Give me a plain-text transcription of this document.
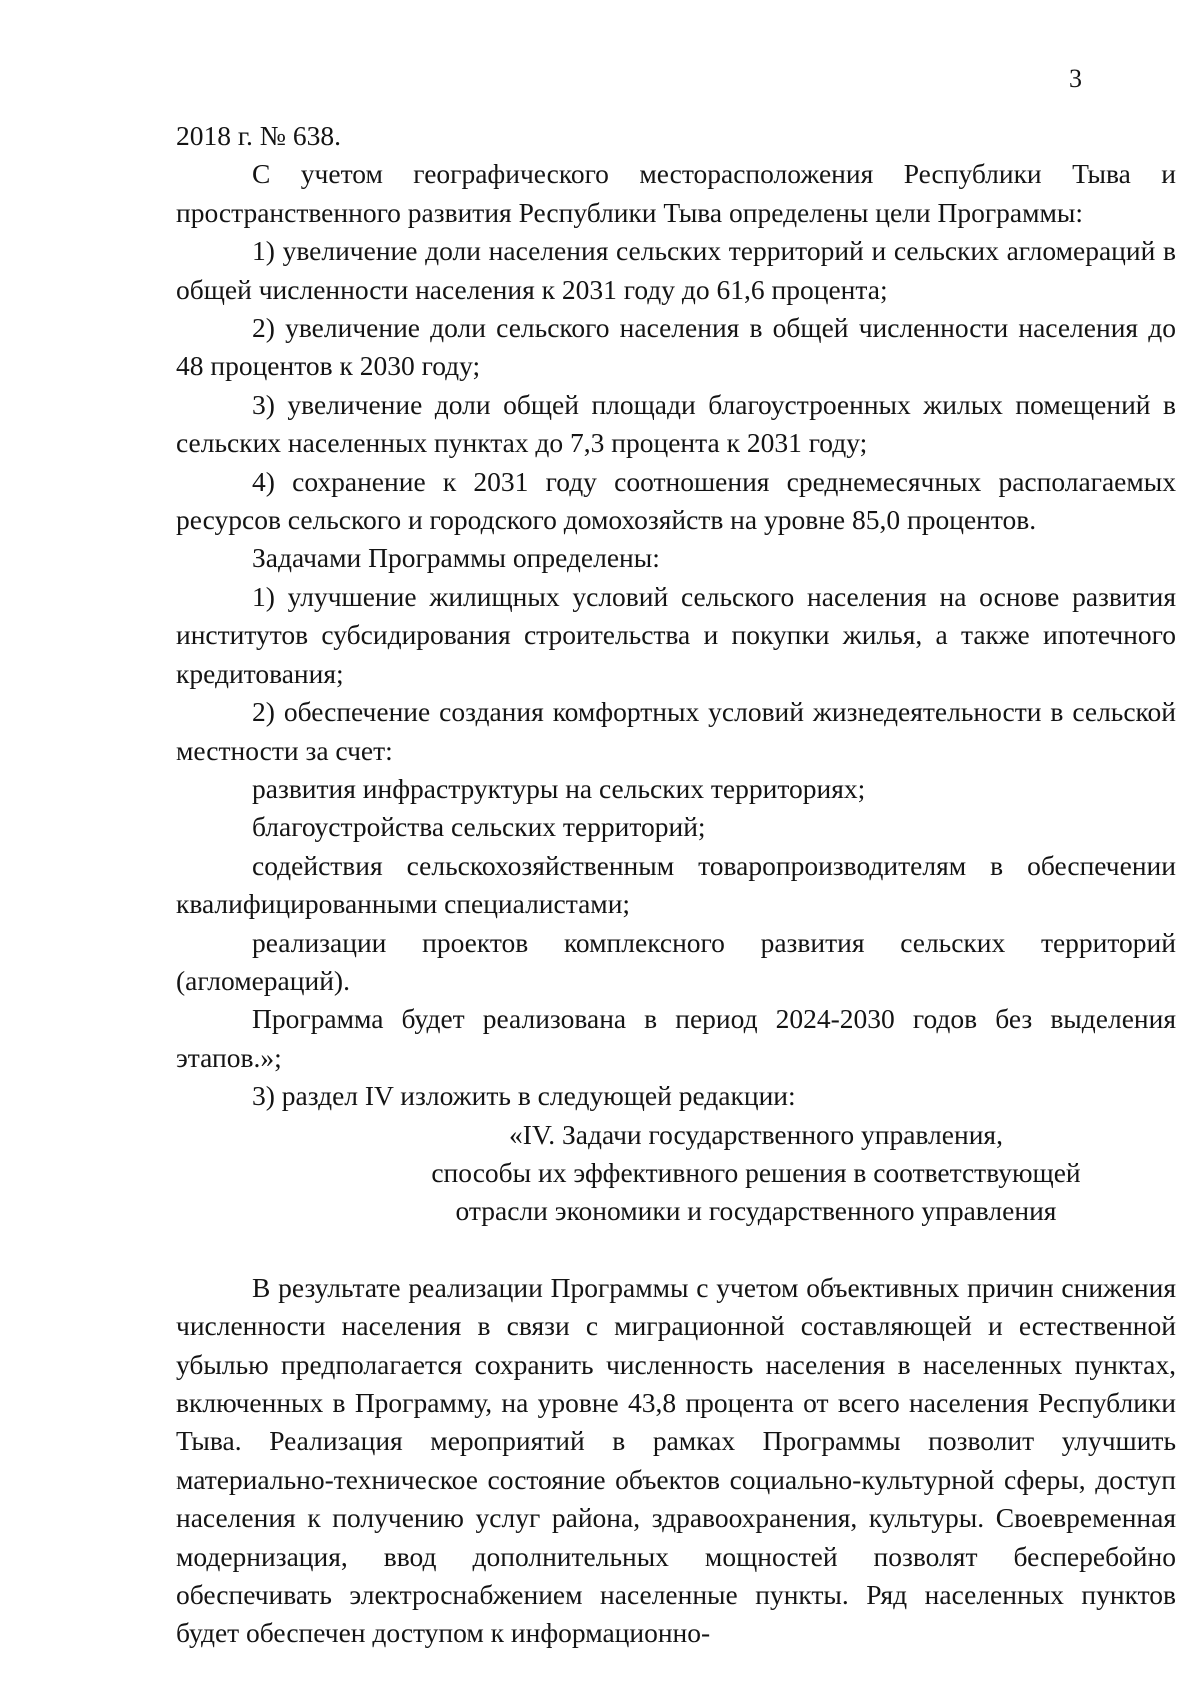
3

2018 г. № 638.

С учетом географического месторасположения Республики Тыва и пространственного развития Республики Тыва определены цели Программы:

1) увеличение доли населения сельских территорий и сельских агломераций в общей численности населения к 2031 году до 61,6 процента;

2) увеличение доли сельского населения в общей численности населения до 48 процентов к 2030 году;

3) увеличение доли общей площади благоустроенных жилых помещений в сельских населенных пунктах до 7,3 процента к 2031 году;

4) сохранение к 2031 году соотношения среднемесячных располагаемых ресурсов сельского и городского домохозяйств на уровне 85,0 процентов.

Задачами Программы определены:

1) улучшение жилищных условий сельского населения на основе развития институтов субсидирования строительства и покупки жилья, а также ипотечного кредитования;

2) обеспечение создания комфортных условий жизнедеятельности в сельской местности за счет:

развития инфраструктуры на сельских территориях;

благоустройства сельских территорий;

содействия сельскохозяйственным товаропроизводителям в обеспечении квалифицированными специалистами;

реализации проектов комплексного развития сельских территорий (агломераций).

Программа будет реализована в период 2024-2030 годов без выделения этапов.»;

3) раздел IV изложить в следующей редакции:

«IV. Задачи государственного управления,
способы их эффективного решения в соответствующей
отрасли экономики и государственного управления

В результате реализации Программы с учетом объективных причин снижения численности населения в связи с миграционной составляющей и естественной убылью предполагается сохранить численность населения в населенных пунктах, включенных в Программу, на уровне 43,8 процента от всего населения Республики Тыва. Реализация мероприятий в рамках Программы позволит улучшить материально-техническое состояние объектов социально-культурной сферы, доступ населения к получению услуг района, здравоохранения, культуры. Своевременная модернизация, ввод дополнительных мощностей позволят бесперебойно обеспечивать электроснабжением населенные пункты. Ряд населенных пунктов будет обеспечен доступом к информационно-
